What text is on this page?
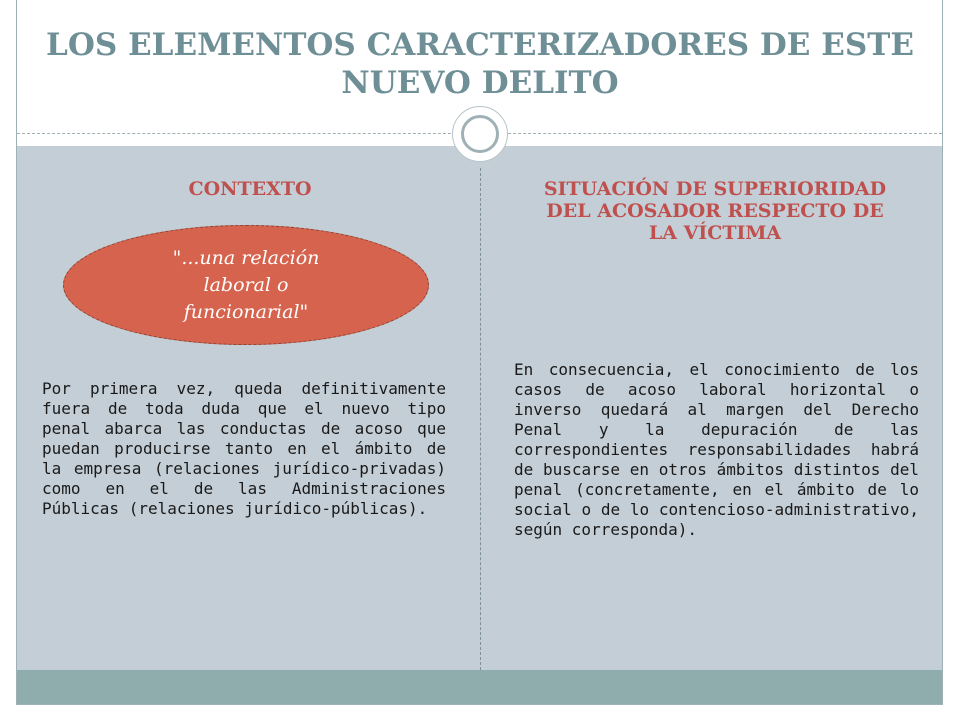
LOS ELEMENTOS CARACTERIZADORES DE ESTE NUEVO DELITO
CONTEXTO	SITUACIÓN DE SUPERIORIDAD DEL ACOSADOR RESPECTO DE LA VÍCTIMA
"...una relación laboral o funcionarial"

Por primera vez, queda definitivamente fuera de toda duda que el nuevo tipo penal abarca las conductas de acoso que puedan producirse tanto en el ámbito de la empresa (relaciones jurídico-privadas) como en el de las Administraciones Públicas (relaciones jurídico-públicas).

En consecuencia, el conocimiento de los casos de acoso laboral horizontal o inverso quedará al margen del Derecho Penal y la depuración de las correspondientes responsabilidades habrá de buscarse en otros ámbitos distintos del penal (concretamente, en el ámbito de lo social o de lo contencioso-administrativo, según corresponda).
